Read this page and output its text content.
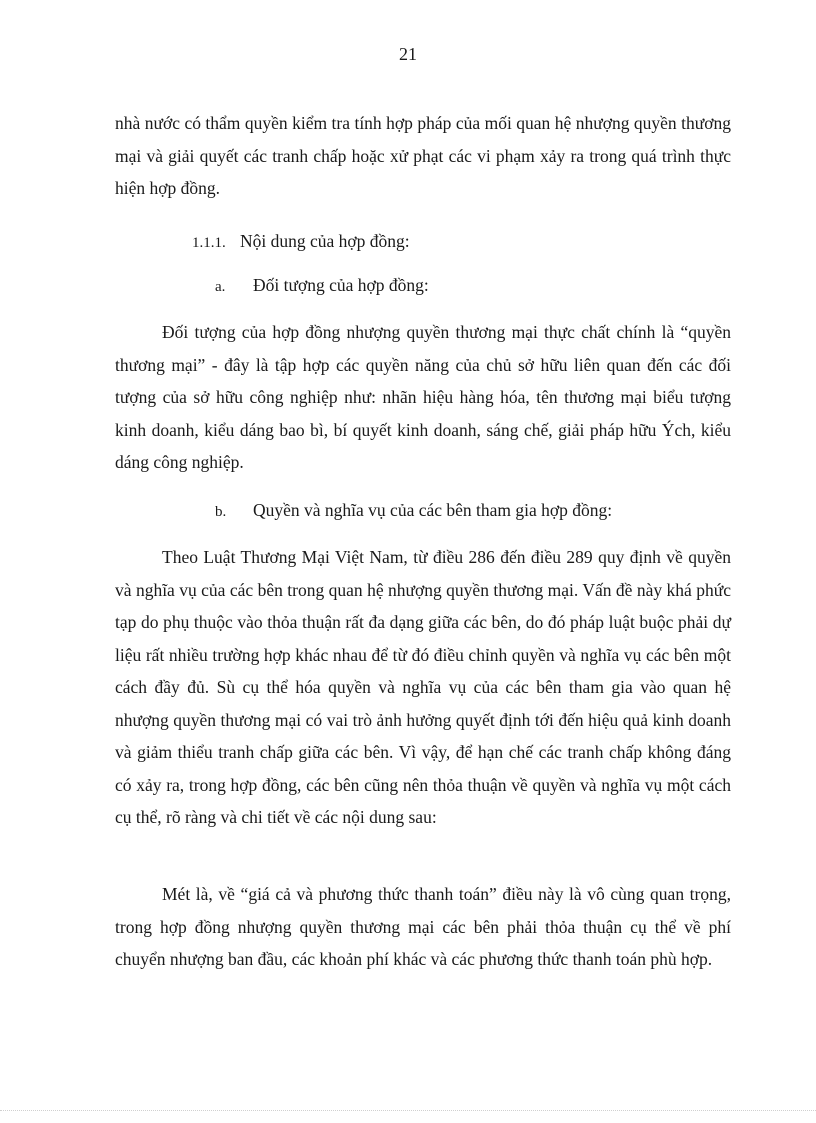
21

nhà nước có thẩm quyền kiểm tra tính hợp pháp của mối quan hệ nhượng quyền thương mại và giải quyết các tranh chấp hoặc xử phạt các vi phạm xảy ra trong quá trình thực hiện hợp đồng.

1.1.1. Nội dung của hợp đồng:
a. Đối tượng của hợp đồng:

Đối tượng của hợp đồng nhượng quyền thương mại thực chất chính là “quyền thương mại” - đây là tập hợp các quyền năng của chủ sở hữu liên quan đến các đối tượng của sở hữu công nghiệp như: nhãn hiệu hàng hóa, tên thương mại biểu tượng kinh doanh, kiểu dáng bao bì, bí quyết kinh doanh, sáng chế, giải pháp hữu Ých, kiểu dáng công nghiệp.

b. Quyền và nghĩa vụ của các bên tham gia hợp đồng:

Theo Luật Thương Mại Việt Nam, từ điều 286 đến điều 289 quy định về quyền và nghĩa vụ của các bên trong quan hệ nhượng quyền thương mại. Vấn đề này khá phức tạp do phụ thuộc vào thỏa thuận rất đa dạng giữa các bên, do đó pháp luật buộc phải dự liệu rất nhiều trường hợp khác nhau để từ đó điều chỉnh quyền và nghĩa vụ các bên một cách đầy đủ. Sù cụ thể hóa quyền và nghĩa vụ của các bên tham gia vào quan hệ nhượng quyền thương mại có vai trò ảnh hưởng quyết định tới đến hiệu quả kinh doanh và giảm thiểu tranh chấp giữa các bên. Vì vậy, để hạn chế các tranh chấp không đáng có xảy ra, trong hợp đồng, các bên cũng nên thỏa thuận về quyền và nghĩa vụ một cách cụ thể, rõ ràng và chi tiết về các nội dung sau:

Mét là, về “giá cả và phương thức thanh toán” điều này là vô cùng quan trọng, trong hợp đồng nhượng quyền thương mại các bên phải thỏa thuận cụ thể về phí chuyển nhượng ban đầu, các khoản phí khác và các phương thức thanh toán phù hợp.
